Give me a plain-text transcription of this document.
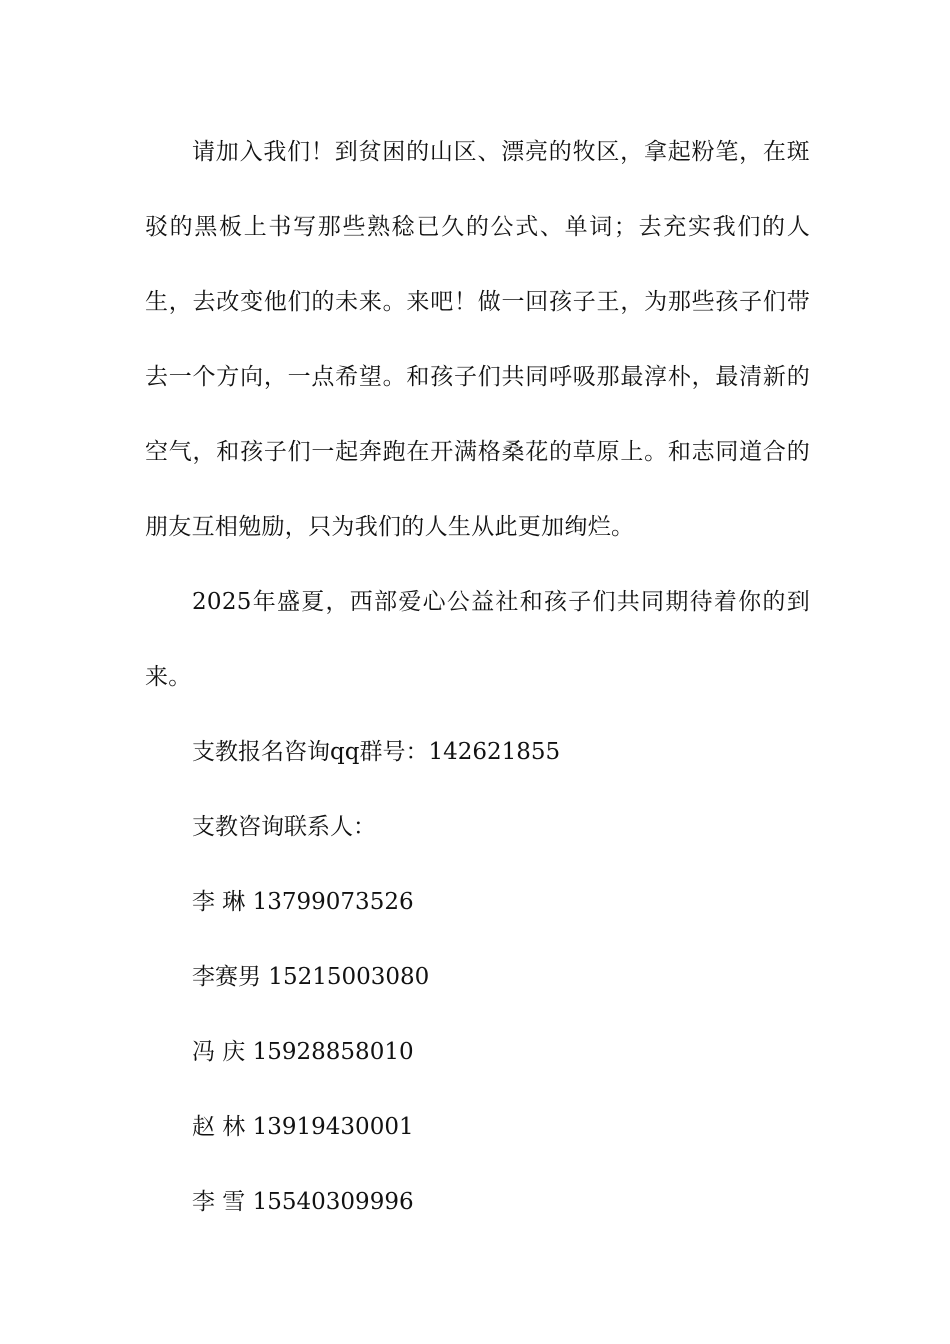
请加入我们！到贫困的山区、漂亮的牧区，拿起粉笔，在斑驳的黑板上书写那些熟稔已久的公式、单词；去充实我们的人生，去改变他们的未来。来吧！做一回孩子王，为那些孩子们带去一个方向，一点希望。和孩子们共同呼吸那最淳朴，最清新的空气，和孩子们一起奔跑在开满格桑花的草原上。和志同道合的朋友互相勉励，只为我们的人生从此更加绚烂。

2025年盛夏，西部爱心公益社和孩子们共同期待着你的到来。

支教报名咨询qq群号：142621855

支教咨询联系人：

李 琳 13799073526

李赛男 15215003080

冯 庆 15928858010

赵 林 13919430001

李 雪 15540309996
